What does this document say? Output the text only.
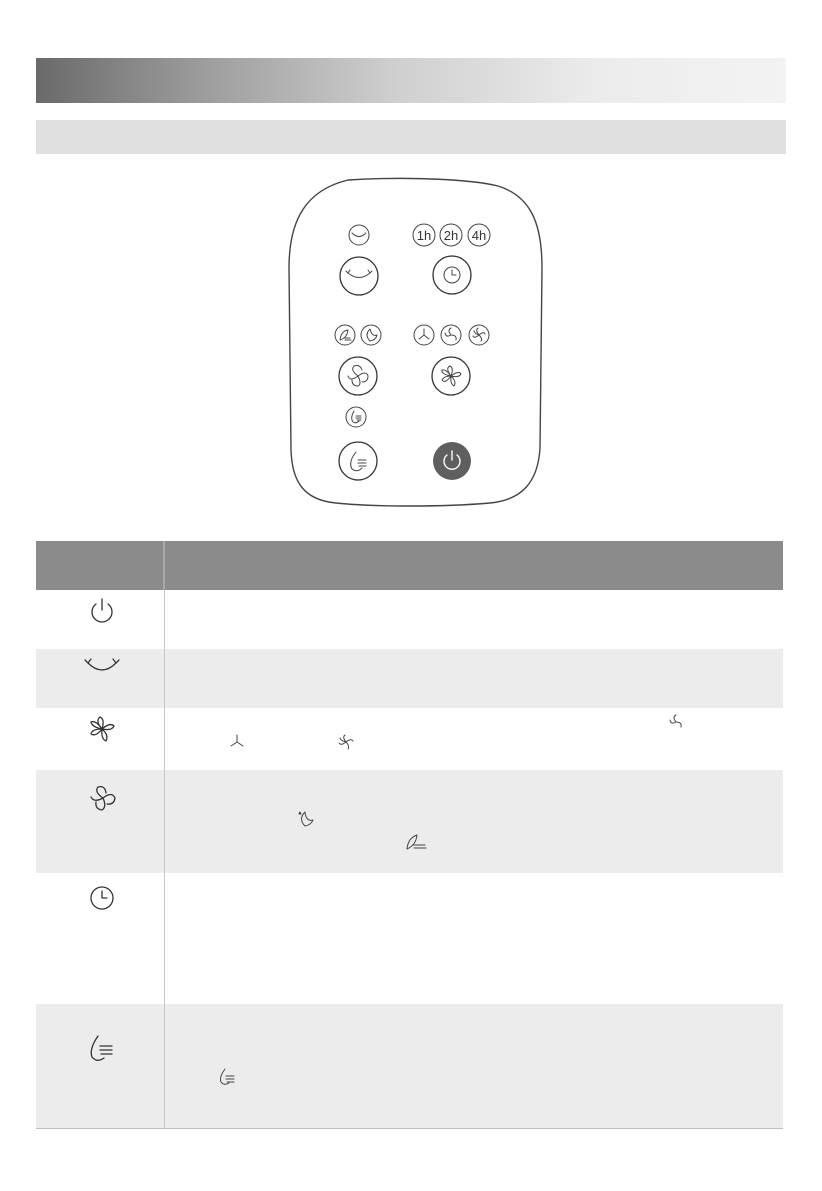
1h 2h 4h
